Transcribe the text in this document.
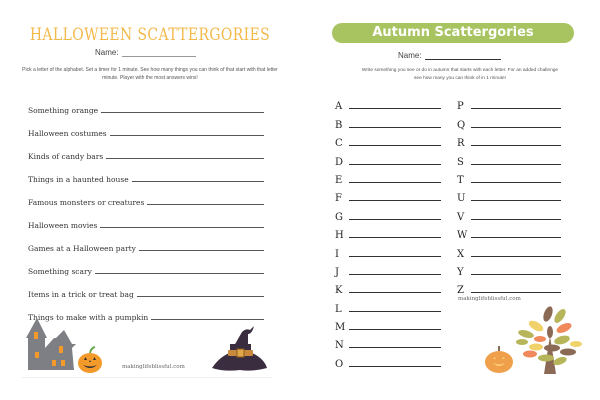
HALLOWEEN SCATTERGORIES
Name:
Pick a letter of the alphabet. Set a timer for 1 minute. See how many things you can think of that start with that letter minute. Player with the most answers wins!
Something orange
Halloween costumes
Kinds of candy bars
Things in a haunted house
Famous monsters or creatures
Halloween movies
Games at a Halloween party
Something scary
Items in a trick or treat bag
Things to make with a pumpkin
makinglifeblissful.com
Autumn Scattergories
Name:
Write something you see or do in autumn that starts with each letter. For an added challenge see how many you can think of in 1 minute!
A
B
C
D
E
F
G
H
I
J
K
L
M
N
O
P
Q
R
S
T
U
V
W
X
Y
Z
makinglifeblissful.com
